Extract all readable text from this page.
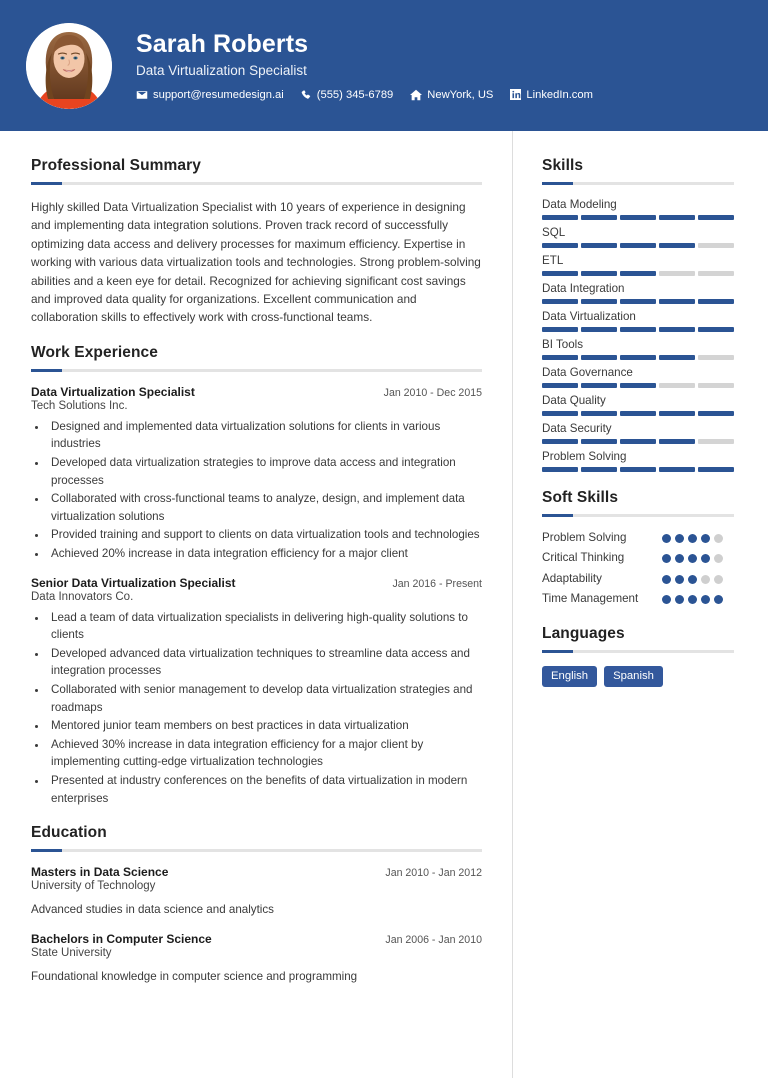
Sarah Roberts
Data Virtualization Specialist
support@resumedesign.ai	(555) 345-6789	NewYork, US	LinkedIn.com
Professional Summary
Highly skilled Data Virtualization Specialist with 10 years of experience in designing and implementing data integration solutions. Proven track record of successfully optimizing data access and delivery processes for maximum efficiency. Expertise in working with various data virtualization tools and technologies. Strong problem-solving abilities and a keen eye for detail. Recognized for achieving significant cost savings and improved data quality for organizations. Excellent communication and collaboration skills to effectively work with cross-functional teams.
Work Experience
Data Virtualization Specialist	Jan 2010 - Dec 2015
Tech Solutions Inc.
• Designed and implemented data virtualization solutions for clients in various industries
• Developed data virtualization strategies to improve data access and integration processes
• Collaborated with cross-functional teams to analyze, design, and implement data virtualization solutions
• Provided training and support to clients on data virtualization tools and technologies
• Achieved 20% increase in data integration efficiency for a major client
Senior Data Virtualization Specialist	Jan 2016 - Present
Data Innovators Co.
• Lead a team of data virtualization specialists in delivering high-quality solutions to clients
• Developed advanced data virtualization techniques to streamline data access and integration processes
• Collaborated with senior management to develop data virtualization strategies and roadmaps
• Mentored junior team members on best practices in data virtualization
• Achieved 30% increase in data integration efficiency for a major client by implementing cutting-edge virtualization technologies
• Presented at industry conferences on the benefits of data virtualization in modern enterprises
Education
Masters in Data Science	Jan 2010 - Jan 2012
University of Technology
Advanced studies in data science and analytics
Bachelors in Computer Science	Jan 2006 - Jan 2010
State University
Foundational knowledge in computer science and programming
Skills
Data Modeling
SQL
ETL
Data Integration
Data Virtualization
BI Tools
Data Governance
Data Quality
Data Security
Problem Solving
Soft Skills
Problem Solving
Critical Thinking
Adaptability
Time Management
Languages
English	Spanish
